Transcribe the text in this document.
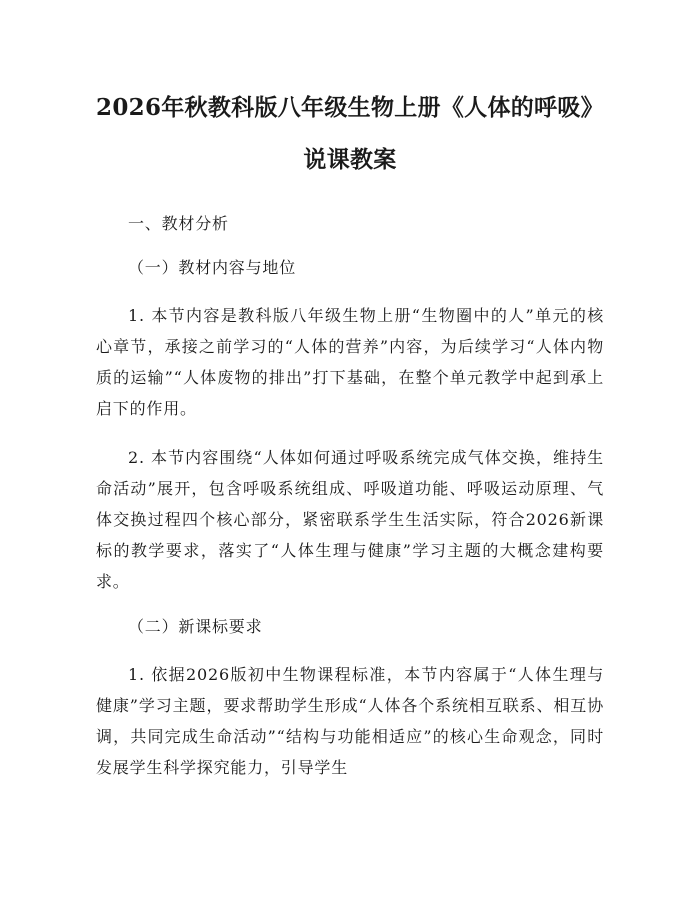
2026年秋教科版八年级生物上册《人体的呼吸》说课教案
一、教材分析
（一）教材内容与地位

1. 本节内容是教科版八年级生物上册“生物圈中的人”单元的核心章节，承接之前学习的“人体的营养”内容，为后续学习“人体内物质的运输”“人体废物的排出”打下基础，在整个单元教学中起到承上启下的作用。

2. 本节内容围绕“人体如何通过呼吸系统完成气体交换，维持生命活动”展开，包含呼吸系统组成、呼吸道功能、呼吸运动原理、气体交换过程四个核心部分，紧密联系学生生活实际，符合2026新课标的教学要求，落实了“人体生理与健康”学习主题的大概念建构要求。

（二）新课标要求

1. 依据2026版初中生物课程标准，本节内容属于“人体生理与健康”学习主题，要求帮助学生形成“人体各个系统相互联系、相互协调，共同完成生命活动”“结构与功能相适应”的核心生命观念，同时发展学生科学探究能力，引导学生
